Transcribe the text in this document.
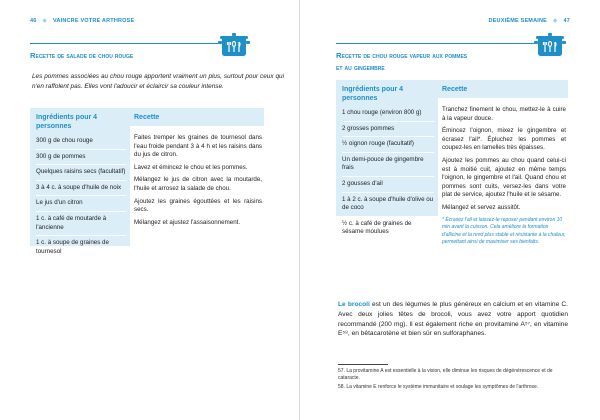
46 ◆ VAINCRE VOTRE ARTHROSE
Recette de salade de chou rouge
Les pommes associées au chou rouge apportent vraiment un plus, surtout pour ceux qui n'en raffolent pas. Elles vont l'adoucir et éclaircir sa couleur intense.
Ingrédients pour 4 personnes
300 g de chou rouge
300 g de pommes
Quelques raisins secs (facultatif)
3 à 4 c. à soupe d'huile de noix
Le jus d'un citron
1 c. à café de moutarde à l'ancienne
1 c. à soupe de graines de tournesol
Recette
Faites tremper les graines de tournesol dans l'eau froide pendant 3 à 4 h et les raisins dans du jus de citron.
Lavez et émincez le chou et les pommes.
Mélangez le jus de citron avec la moutarde, l'huile et arrosez la salade de chou.
Ajoutez les graines égouttées et les raisins secs.
Mélangez et ajustez l'assaisonnement.
DEUXIÈME SEMAINE ◆ 47
Recette de chou rouge vapeur aux pommes
et au gingembre
Ingrédients pour 4 personnes
1 chou rouge (environ 800 g)
2 grosses pommes
½ oignon rouge (facultatif)
Un demi-pouce de gingembre frais
2 gousses d'ail
1 à 2 c. à soupe d'huile d'olive ou de coco
½ c. à café de graines de sésame moulues
Recette
Tranchez finement le chou, mettez-le à cuire à la vapeur douce.
Émincez l'oignon, mixez le gingembre et écrasez l'ail*. Épluchez les pommes et coupez-les en lamelles très épaisses.
Ajoutez les pommes au chou quand celui-ci est à moitié cuit, ajoutez en même temps l'oignon, le gingembre et l'ail. Quand chou et pommes sont cuits, versez-les dans votre plat de service, ajoutez l'huile et le sésame.
Mélangez et servez aussitôt.
* Écrasez l'ail et laissez-le reposer pendant environ 10 min avant la cuisson. Cela améliore la formation d'allicine et la rend plus stable et résistante à la chaleur, permettant ainsi de maximiser ses bienfaits.
Le brocoli est un des légumes le plus généreux en calcium et en vitamine C. Avec deux jolies têtes de brocoli, vous avez votre apport quotidien recommandé (200 mg). Il est également riche en provitamine A⁵⁷, en vitamine E⁵⁸, en bêtacarotène et bien sûr en sulforaphanes.
57. La provitamine A est essentielle à la vision, elle diminue les risques de dégénérescence et de cataracte.
58. La vitamine E renforce le système immunitaire et soulage les symptômes de l'arthrose.
